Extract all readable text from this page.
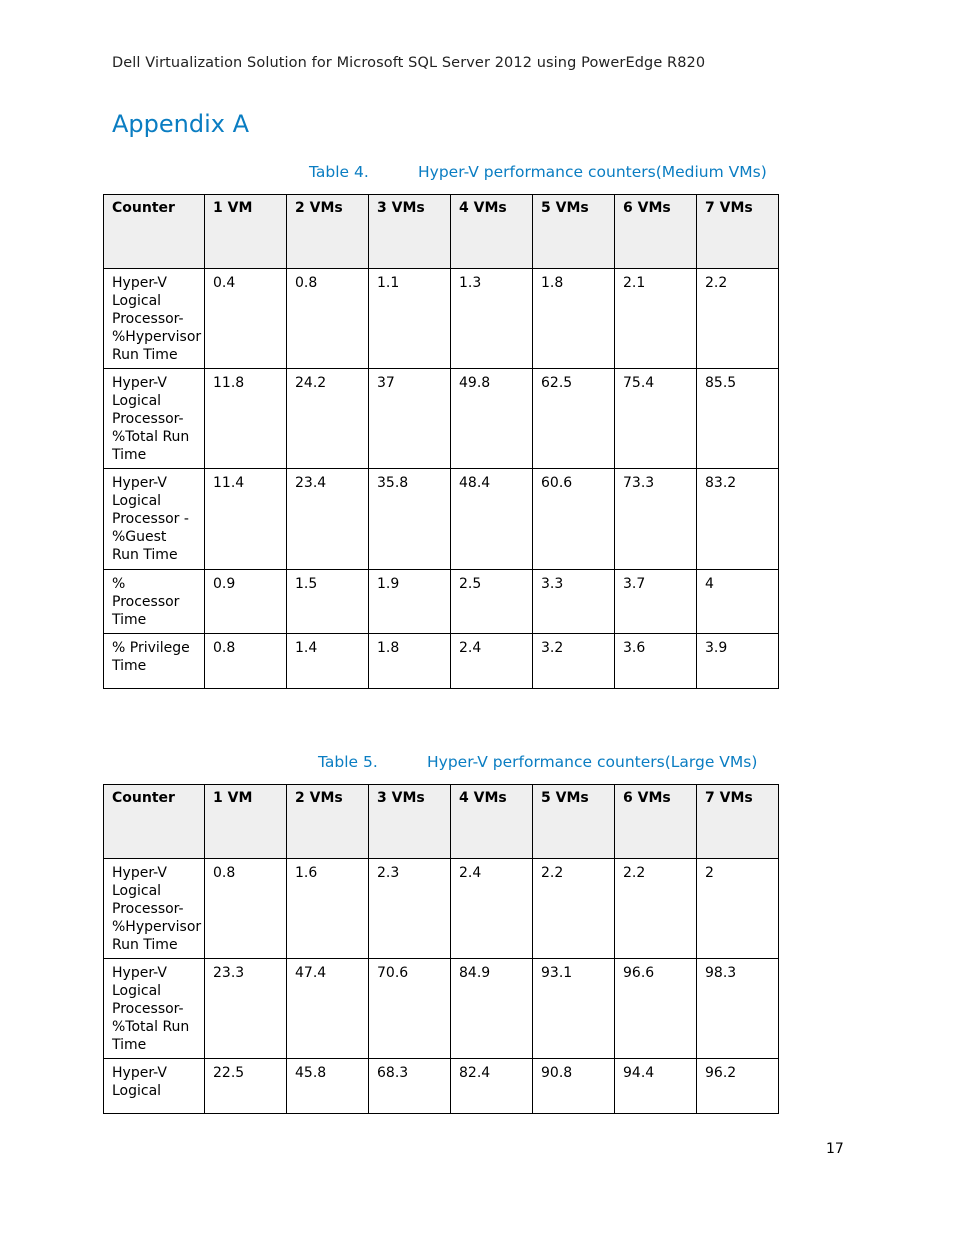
Dell Virtualization Solution for Microsoft SQL Server 2012 using PowerEdge R820
Appendix A
Table 4.	Hyper-V performance counters(Medium VMs)
Counter	1 VM	2 VMs	3 VMs	4 VMs	5 VMs	6 VMs	7 VMs
Hyper-V Logical Processor-%Hypervisor Run Time	0.4	0.8	1.1	1.3	1.8	2.1	2.2
Hyper-V Logical Processor-%Total Run Time	11.8	24.2	37	49.8	62.5	75.4	85.5
Hyper-V Logical Processor - %Guest Run Time	11.4	23.4	35.8	48.4	60.6	73.3	83.2
% Processor Time	0.9	1.5	1.9	2.5	3.3	3.7	4
% Privilege Time	0.8	1.4	1.8	2.4	3.2	3.6	3.9
Table 5.	Hyper-V performance counters(Large VMs)
Counter	1 VM	2 VMs	3 VMs	4 VMs	5 VMs	6 VMs	7 VMs
Hyper-V Logical Processor-%Hypervisor Run Time	0.8	1.6	2.3	2.4	2.2	2.2	2
Hyper-V Logical Processor-%Total Run Time	23.3	47.4	70.6	84.9	93.1	96.6	98.3
Hyper-V Logical	22.5	45.8	68.3	82.4	90.8	94.4	96.2
17
